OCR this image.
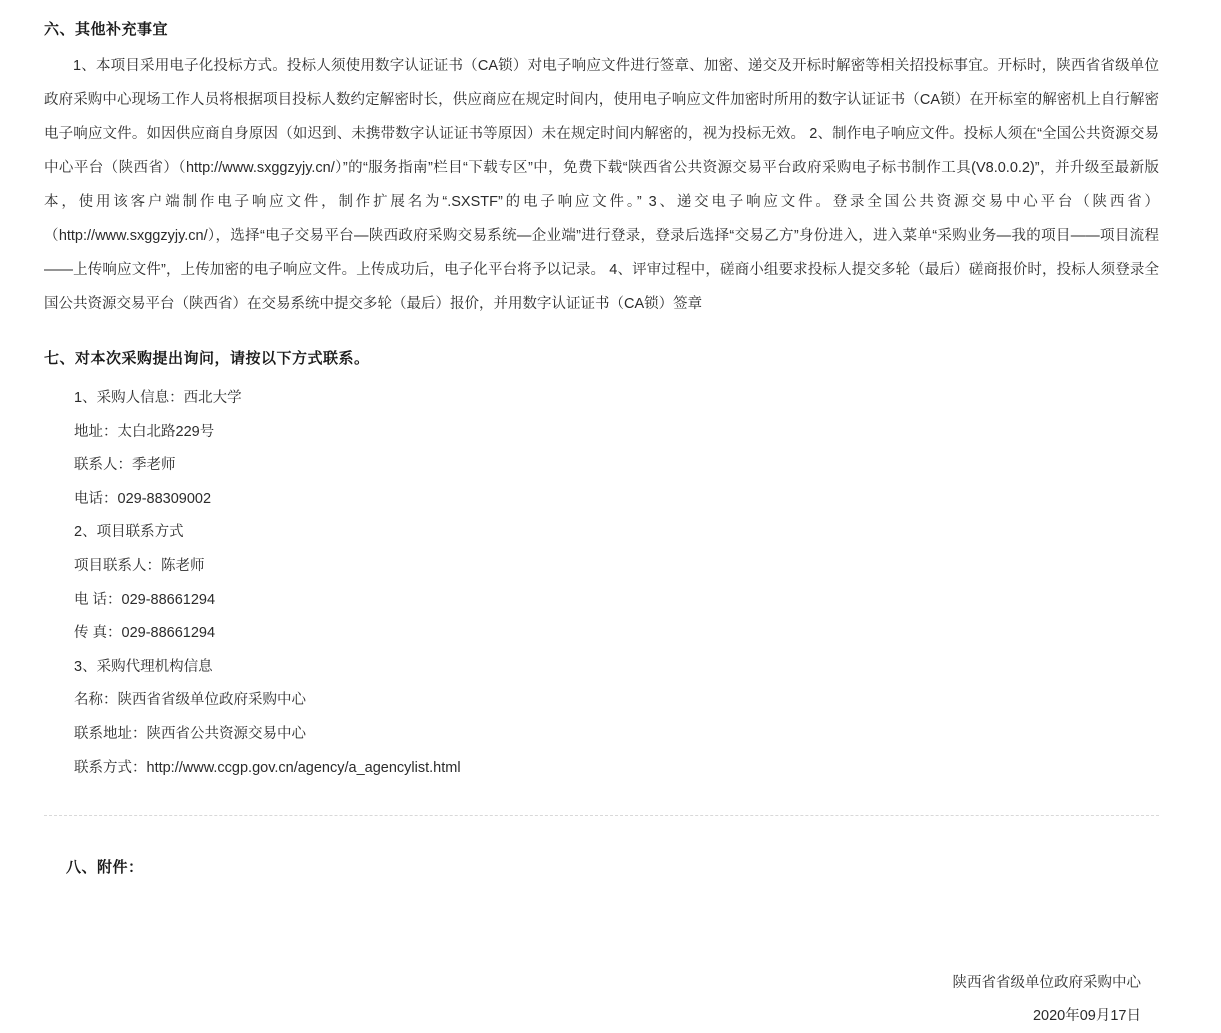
六、其他补充事宜

1、本项目采用电子化投标方式。投标人须使用数字认证证书（CA锁）对电子响应文件进行签章、加密、递交及开标时解密等相关招投标事宜。开标时，陕西省省级单位政府采购中心现场工作人员将根据项目投标人数约定解密时长，供应商应在规定时间内，使用电子响应文件加密时所用的数字认证证书（CA锁）在开标室的解密机上自行解密电子响应文件。如因供应商自身原因（如迟到、未携带数字认证证书等原因）未在规定时间内解密的，视为投标无效。 2、制作电子响应文件。投标人须在“全国公共资源交易中心平台（陕西省）（http://www.sxggzyjy.cn/）”的“服务指南”栏目“下载专区”中，免费下载“陕西省公共资源交易平台政府采购电子标书制作工具(V8.0.0.2)”，并升级至最新版本，使用该客户端制作电子响应文件，制作扩展名为“.SXSTF”的电子响应文件。” 3、递交电子响应文件。登录全国公共资源交易中心平台（陕西省）（http://www.sxggzyjy.cn/），选择“电子交易平台—陕西政府采购交易系统—企业端”进行登录，登录后选择“交易乙方”身份进入，进入菜单“采购业务—我的项目——项目流程——上传响应文件”，上传加密的电子响应文件。上传成功后，电子化平台将予以记录。 4、评审过程中，磋商小组要求投标人提交多轮（最后）磋商报价时，投标人须登录全国公共资源交易平台（陕西省）在交易系统中提交多轮（最后）报价，并用数字认证证书（CA锁）签章

七、对本次采购提出询问，请按以下方式联系。
1、采购人信息：西北大学
地址：太白北路229号
联系人：季老师
电话：029-88309002
2、项目联系方式
项目联系人：陈老师
电 话：029-88661294
传 真：029-88661294
3、采购代理机构信息
名称：陕西省省级单位政府采购中心
联系地址：陕西省公共资源交易中心
联系方式：http://www.ccgp.gov.cn/agency/a_agencylist.html
八、附件：
陕西省省级单位政府采购中心
2020年09月17日
